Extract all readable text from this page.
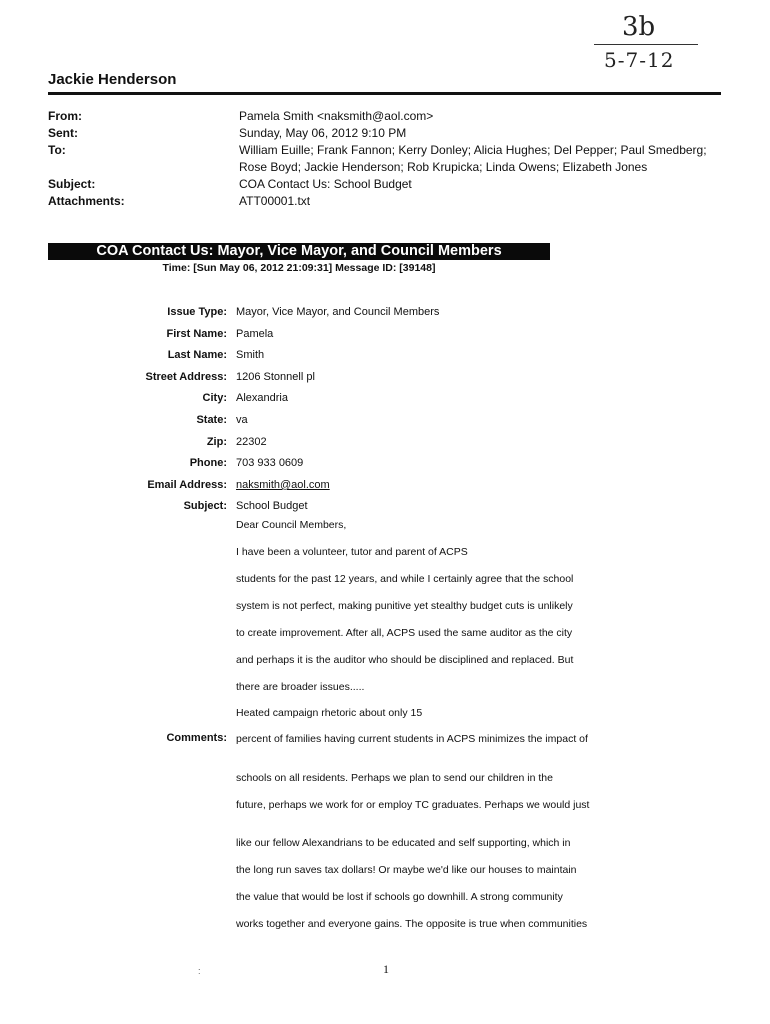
3b
5-7-12
Jackie Henderson
From:	Pamela Smith <naksmith@aol.com>
Sent:	Sunday, May 06, 2012 9:10 PM
To:	William Euille; Frank Fannon; Kerry Donley; Alicia Hughes; Del Pepper; Paul Smedberg;
Rose Boyd; Jackie Henderson; Rob Krupicka; Linda Owens; Elizabeth Jones
Subject:	COA Contact Us: School Budget
Attachments:	ATT00001.txt
COA Contact Us: Mayor, Vice Mayor, and Council Members
Time: [Sun May 06, 2012 21:09:31] Message ID: [39148]
Issue Type: Mayor, Vice Mayor, and Council Members
First Name: Pamela
Last Name: Smith
Street Address: 1206 Stonnell pl
City: Alexandria
State: va
Zip: 22302
Phone: 703 933 0609
Email Address: naksmith@aol.com
Subject: School Budget
Comments:
Dear Council Members,
I have been a volunteer, tutor and parent of ACPS
students for the past 12 years, and while I certainly agree that the school
system is not perfect, making punitive yet stealthy budget cuts is unlikely
to create improvement. After all, ACPS used the same auditor as the city
and perhaps it is the auditor who should be disciplined and replaced. But
there are broader issues.....
Heated campaign rhetoric about only 15
percent of families having current students in ACPS minimizes the impact of
schools on all residents. Perhaps we plan to send our children in the
future, perhaps we work for or employ TC graduates. Perhaps we would just
like our fellow Alexandrians to be educated and self supporting, which in
the long run saves tax dollars! Or maybe we'd like our houses to maintain
the value that would be lost if schools go downhill. A strong community
works together and everyone gains. The opposite is true when communities
1
:
